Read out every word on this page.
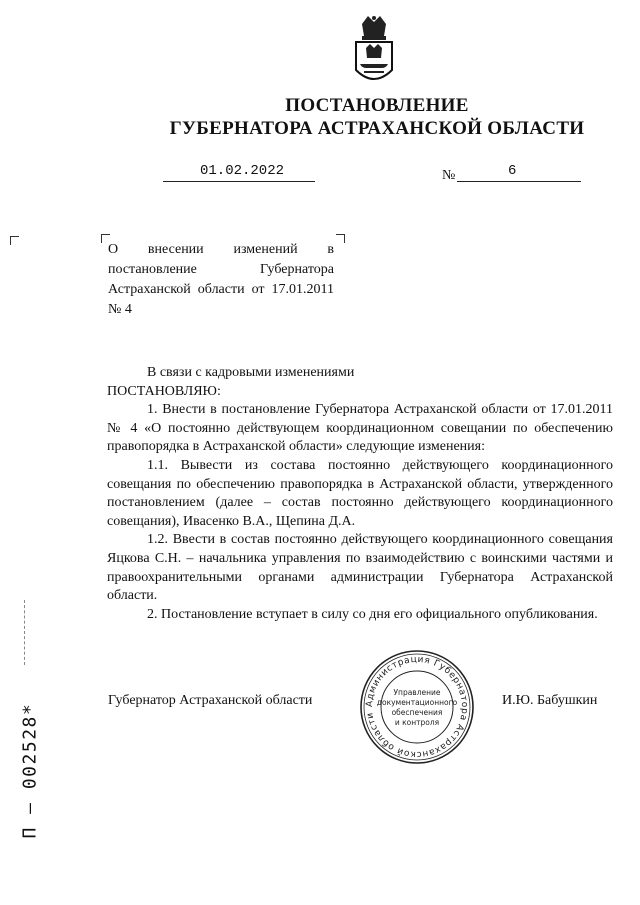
ПОСТАНОВЛЕНИЕ
ГУБЕРНАТОРА АСТРАХАНСКОЙ ОБЛАСТИ
01.02.2022	№	6
О внесении изменений в постановление Губернатора Астраханской области от 17.01.2011 № 4

В связи с кадровыми изменениями

ПОСТАНОВЛЯЮ:

1. Внести в постановление Губернатора Астраханской области от 17.01.2011 № 4 «О постоянно действующем координационном совещании по обеспечению правопорядка в Астраханской области» следующие изменения:

1.1. Вывести из состава постоянно действующего координационного совещания по обеспечению правопорядка в Астраханской области, утвержденного постановлением (далее – состав постоянно действующего координационного совещания), Ивасенко В.А., Щепина Д.А.

1.2. Ввести в состав постоянно действующего координационного совещания Яцкова С.Н. – начальника управления по взаимодействию с воинскими частями и правоохранительными органами администрации Губернатора Астраханской области.

2. Постановление вступает в силу со дня его официального опубликования.

Губернатор Астраханской области	И.Ю. Бабушкин
Администрация Губернатора Астраханской области
Управление
документационного
обеспечения
и контроля
П – 002528*
